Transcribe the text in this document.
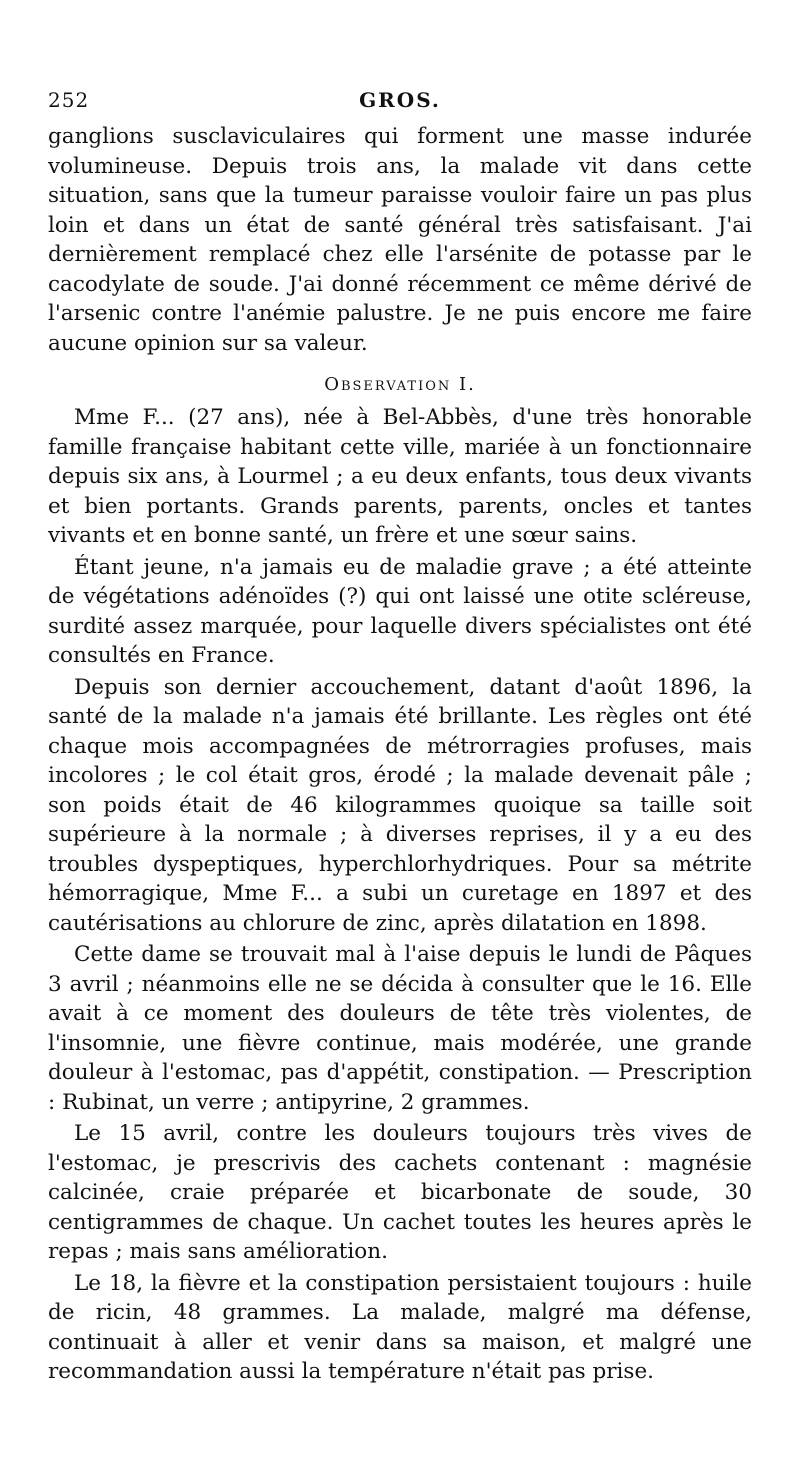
252	GROS.

ganglions susclaviculaires qui forment une masse indurée volumineuse. Depuis trois ans, la malade vit dans cette situation, sans que la tumeur paraisse vouloir faire un pas plus loin et dans un état de santé général très satisfaisant. J'ai dernièrement remplacé chez elle l'arsénite de potasse par le cacodylate de soude. J'ai donné récemment ce même dérivé de l'arsenic contre l'anémie palustre. Je ne puis encore me faire aucune opinion sur sa valeur.

Observation I.

Mme F... (27 ans), née à Bel-Abbès, d'une très honorable famille française habitant cette ville, mariée à un fonctionnaire depuis six ans, à Lourmel ; a eu deux enfants, tous deux vivants et bien portants. Grands parents, parents, oncles et tantes vivants et en bonne santé, un frère et une sœur sains.

Étant jeune, n'a jamais eu de maladie grave ; a été atteinte de végétations adénoïdes (?) qui ont laissé une otite scléreuse, surdité assez marquée, pour laquelle divers spécialistes ont été consultés en France.

Depuis son dernier accouchement, datant d'août 1896, la santé de la malade n'a jamais été brillante. Les règles ont été chaque mois accompagnées de métrorragies profuses, mais incolores ; le col était gros, érodé ; la malade devenait pâle ; son poids était de 46 kilogrammes quoique sa taille soit supérieure à la normale ; à diverses reprises, il y a eu des troubles dyspeptiques, hyperchlorhydriques. Pour sa métrite hémorragique, Mme F... a subi un curetage en 1897 et des cautérisations au chlorure de zinc, après dilatation en 1898.

Cette dame se trouvait mal à l'aise depuis le lundi de Pâques 3 avril ; néanmoins elle ne se décida à consulter que le 16. Elle avait à ce moment des douleurs de tête très violentes, de l'insomnie, une fièvre continue, mais modérée, une grande douleur à l'estomac, pas d'appétit, constipation. — Prescription : Rubinat, un verre ; antipyrine, 2 grammes.

Le 15 avril, contre les douleurs toujours très vives de l'estomac, je prescrivis des cachets contenant : magnésie calcinée, craie préparée et bicarbonate de soude, 30 centigrammes de chaque. Un cachet toutes les heures après le repas ; mais sans amélioration.

Le 18, la fièvre et la constipation persistaient toujours : huile de ricin, 48 grammes. La malade, malgré ma défense, continuait à aller et venir dans sa maison, et malgré une recommandation aussi la température n'était pas prise.
